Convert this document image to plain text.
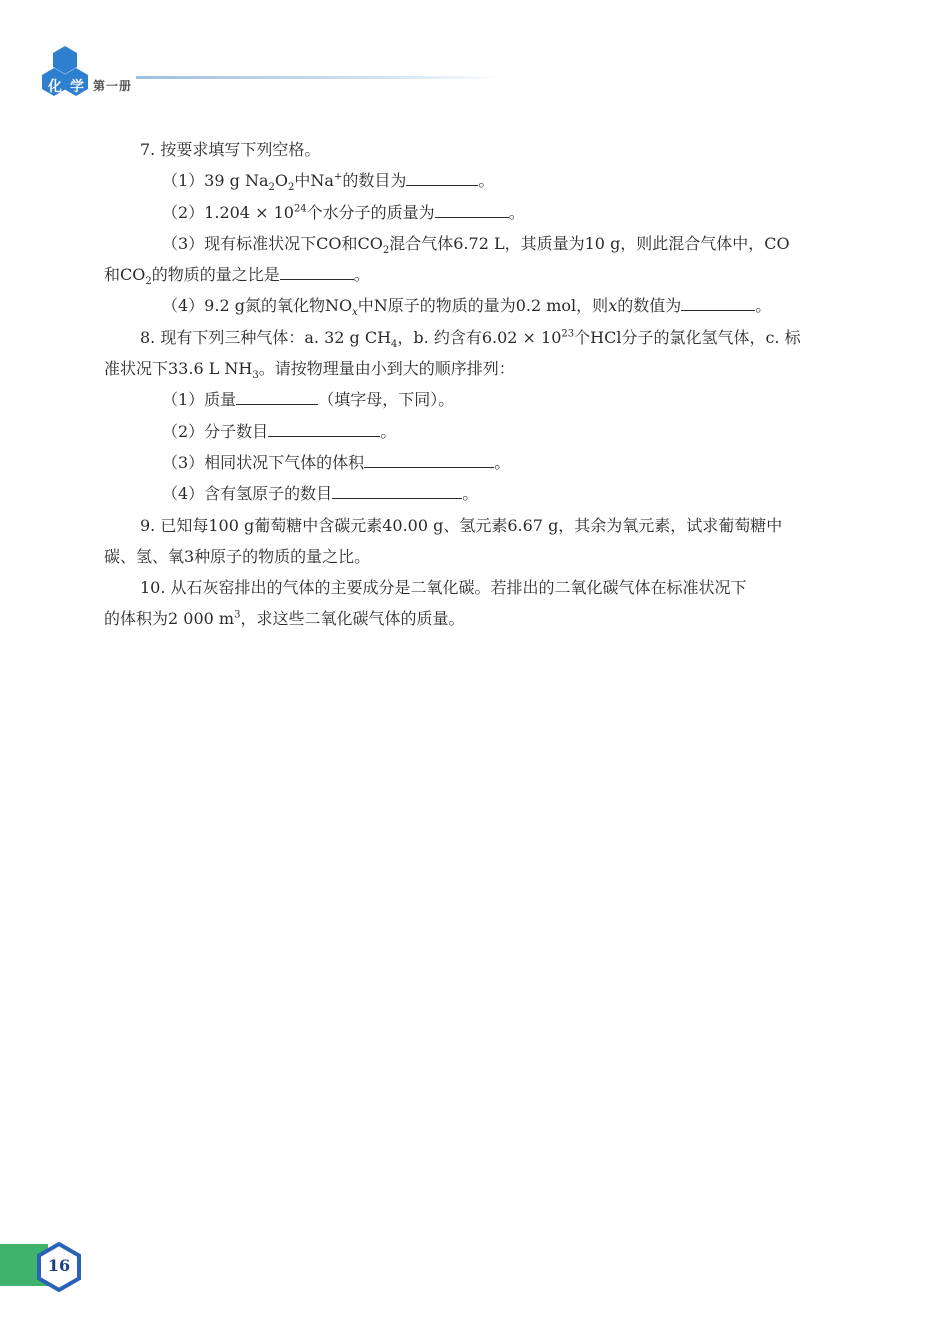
化 学 第一册

7. 按要求填写下列空格。

（1）39 g $Na_2O_2$中Na+的数目为	。

$(2)1.204 \times 10^{24}$个水分子的质量为	。

（3）现有标准状况下CO和$CO_2$混合气体6.72 L，其质量为10 g，则此混合气体中，CO

和$CO_2$的物质的量之比是	。

（4）9.2 g氮的氧化物$NO_x$中N原子的物质的量为0.2 mol，则x的数值为	。

8. 现有下列三种气体：a. 32 g $CH_4$，b. 约含有$6.02 \times 10^{23}$个HCl分子的氯化氢气体，c. 标

准状况下33.6 L $NH_3$。请按物理量由小到大的顺序排列：

（1）质量	（填字母，下同）。

（2）分子数目	。

（3）相同状况下气体的体积	。

（4）含有氢原子的数目	。

9. 已知每100 g葡萄糖中含碳元素40.00 g、氢元素6.67 g，其余为氧元素，试求葡萄糖中

碳、氢、氧3种原子的物质的量之比。

10. 从石灰窑排出的气体的主要成分是二氧化碳。若排出的二氧化碳气体在标准状况下

的体积为2 000 $m^3$，求这些二氧化碳气体的质量。

16
